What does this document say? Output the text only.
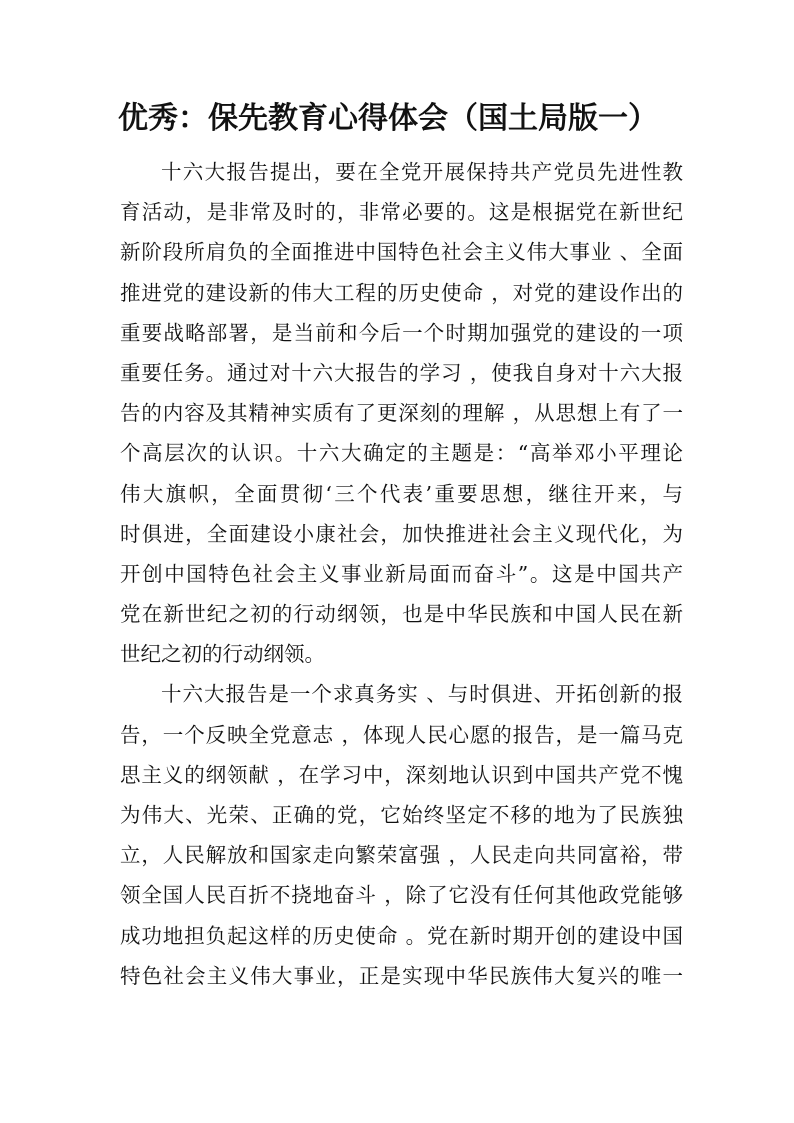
优秀：保先教育心得体会（国土局版一）
十六大报告提出，要在全党开展保持共产党员先进性教
育活动，是非常及时的，非常必要的。这是根据党在新世纪
新阶段所肩负的全面推进中国特色社会主义伟大事业 、全面
推进党的建设新的伟大工程的历史使命 ，对党的建设作出的
重要战略部署，是当前和今后一个时期加强党的建设的一项
重要任务。通过对十六大报告的学习 ，使我自身对十六大报
告的内容及其精神实质有了更深刻的理解 ，从思想上有了一
个高层次的认识。十六大确定的主题是：“高举邓小平理论
伟大旗帜，全面贯彻‘三个代表’重要思想，继往开来，与
时俱进，全面建设小康社会，加快推进社会主义现代化，为
开创中国特色社会主义事业新局面而奋斗”。这是中国共产
党在新世纪之初的行动纲领，也是中华民族和中国人民在新
世纪之初的行动纲领。
十六大报告是一个求真务实 、与时俱进、开拓创新的报
告，一个反映全党意志 ，体现人民心愿的报告，是一篇马克
思主义的纲领献 ，在学习中，深刻地认识到中国共产党不愧
为伟大、光荣、正确的党，它始终坚定不移的地为了民族独
立，人民解放和国家走向繁荣富强 ，人民走向共同富裕，带
领全国人民百折不挠地奋斗 ，除了它没有任何其他政党能够
成功地担负起这样的历史使命 。党在新时期开创的建设中国
特色社会主义伟大事业，正是实现中华民族伟大复兴的唯一
